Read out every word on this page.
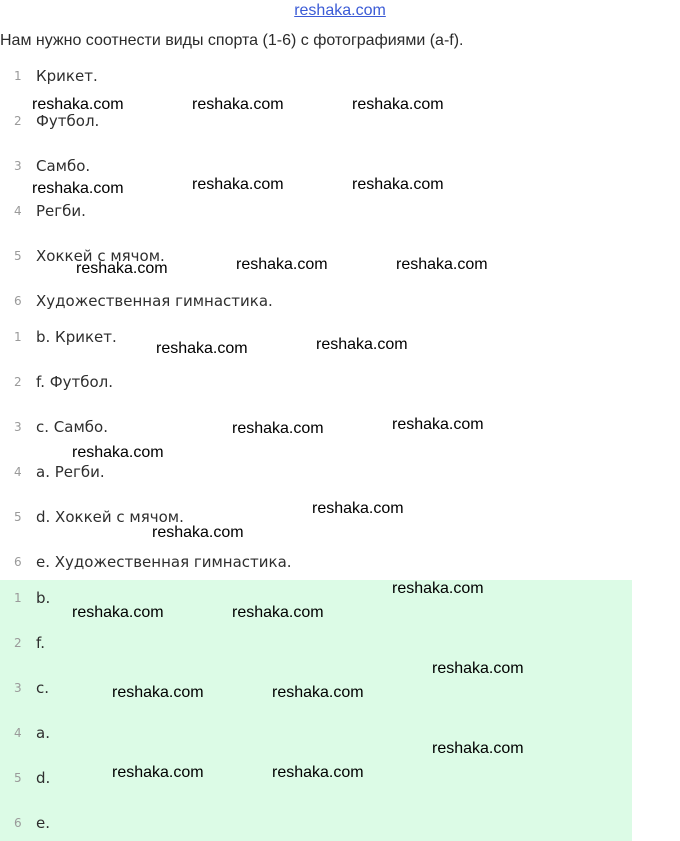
reshaka.com
Нам нужно соотнести виды спорта (1-6) с фотографиями (a-f).
1 Крикет.
2 Футбол.
3 Самбо.
4 Регби.
5 Хоккей с мячом.
6 Художественная гимнастика.
1 b. Крикет.
2 f. Футбол.
3 c. Самбо.
4 a. Регби.
5 d. Хоккей с мячом.
6 e. Художественная гимнастика.
1 b.
2 f.
3 c.
4 a.
5 d.
6 e.
reshaka.com	reshaka.com	reshaka.com
reshaka.com	reshaka.com	reshaka.com
reshaka.com	reshaka.com	reshaka.com
reshaka.com	reshaka.com
reshaka.com	reshaka.com
reshaka.com
reshaka.com
reshaka.com
reshaka.com
reshaka.com	reshaka.com
reshaka.com
reshaka.com	reshaka.com
reshaka.com
reshaka.com	reshaka.com
